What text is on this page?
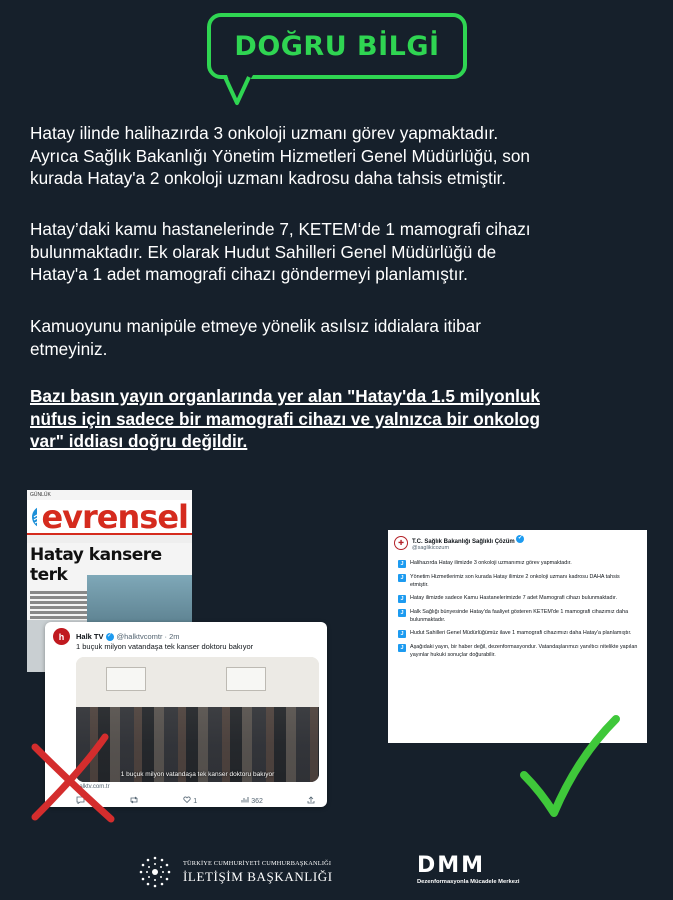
DOĞRU BİLGİ
Hatay ilinde halihazırda 3 onkoloji uzmanı görev yapmaktadır.
Ayrıca Sağlık Bakanlığı Yönetim Hizmetleri Genel Müdürlüğü, son
kurada Hatay'a 2 onkoloji uzmanı kadrosu daha tahsis etmiştir.
Hatay’daki kamu hastanelerinde 7, KETEM‘de 1 mamografi cihazı
bulunmaktadır. Ek olarak Hudut Sahilleri Genel Müdürlüğü de
Hatay'a 1 adet mamografi cihazı göndermeyi planlamıştır.
Kamuoyunu manipüle etmeye yönelik asılsız iddialara itibar
etmeyiniz.
Bazı basın yayın organlarında yer alan "Hatay'da 1.5 milyonluk
nüfus için sadece bir mamografi cihazı ve yalnızca bir onkolog
var" iddiası doğru değildir.
GÜNLÜK
evrensel
Hatay kansere terk
h	Halk TV
✓ @halktvcomtr · 2m
1 buçuk milyon vatandaşa tek kanser doktoru bakıyor
1 buçuk milyon vatandaşa tek kanser doktoru bakıyor
halktv.com.tr
1	362
✚	T.C. Sağlık Bakanlığı Sağlıklı Çözüm ✓
@saglikicozum
J	Halihazırda Hatay ilimizde 3 onkoloji uzmanımız görev yapmaktadır.
J	Yönetim Hizmetlerimiz son kurada Hatay ilimize 2 onkoloji uzmanı kadrosu DAHA tahsis etmiştir.
J	Hatay ilimizde sadece Kamu Hastanelerimizde 7 adet Mamografi cihazı bulunmaktadır.
J	Halk Sağlığı bünyesinde Hatay'da faaliyet gösteren KETEM'de 1 mamografi cihazımız daha bulunmaktadır.
J	Hudut Sahilleri Genel Müdürlüğümüz ilave 1 mamografi cihazımızı daha Hatay'a planlamıştır.
J	Aşağıdaki yayın, bir haber değil, dezenformasyondur. Vatandaşlarımızı yanıltıcı nitelikte yapılan yayınlar hukuki sonuçlar doğurabilir.
TÜRKİYE CUMHURİYETİ CUMHURBAŞKANLIĞI
İLETİŞİM BAŞKANLIĞI	DMM
Dezenformasyonla Mücadele Merkezi
